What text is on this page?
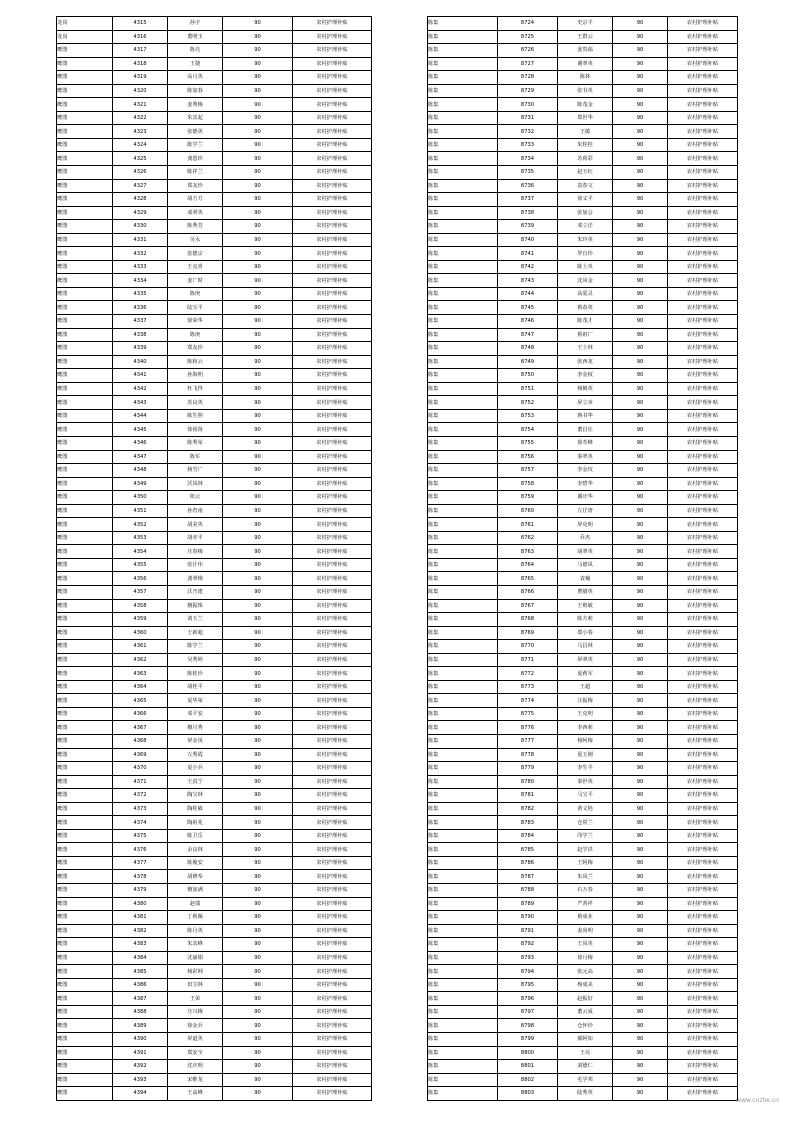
龙岗	4315	孙宇	90	农村护理补贴
龙岗	4316	董明玉	90	农村护理补贴
鹰图	4317	陈亮	90	农村护理补贴
鹰图	4318	王捷	90	农村护理补贴
鹰图	4319	高月英	90	农村护理补贴
鹰图	4320	陈加春	90	农村护理补贴
鹰图	4321	姜秀梅	90	农村护理补贴
鹰图	4322	朱其起	90	农村护理补贴
鹰图	4323	张德英	90	农村护理补贴
鹰图	4324	陈学兰	90	农村护理补贴
鹰图	4325	龚恩珍	90	农村护理补贴
鹰图	4326	陈祥兰	90	农村护理补贴
鹰图	4327	郑友珍	90	农村护理补贴
鹰图	4328	胡方方	90	农村护理补贴
鹰图	4329	成翠英	90	农村护理补贴
鹰图	4330	陈秀芳	90	农村护理补贴
鹰图	4331	吴永	90	农村护理补贴
鹰图	4332	张德宗	90	农村护理补贴
鹰图	4333	王克喜	90	农村护理补贴
鹰图	4334	姜广时	90	农村护理补贴
鹰图	4335	陈庚	90	农村护理补贴
鹰图	4336	陆宝平	90	农村护理补贴
鹰图	4337	徐荣华	90	农村护理补贴
鹰图	4338	陈庚	90	农村护理补贴
鹰图	4339	郑友珍	90	农村护理补贴
鹰图	4340	陈和云	90	农村护理补贴
鹰图	4341	孙海明	90	农村护理补贴
鹰图	4342	杜飞得	90	农村护理补贴
鹰图	4343	苏良英	90	农村护理补贴
鹰图	4344	陈生照	90	农村护理补贴
鹰图	4345	徐裕贤	90	农村护理补贴
鹰图	4346	陈秀荣	90	农村护理补贴
鹰图	4347	陈军	90	农村护理补贴
鹰图	4348	杨雪广	90	农村护理补贴
鹰图	4349	沃凤林	90	农村护理补贴
鹰图	4350	钮云	90	农村护理补贴
鹰图	4351	孙育南	90	农村护理补贴
鹰图	4352	胡美英	90	农村护理补贴
鹰图	4353	胡亦平	90	农村护理补贴
鹰图	4354	庄春梅	90	农村护理补贴
鹰图	4355	张计伟	90	农村护理补贴
鹰图	4356	龚翠梅	90	农村护理补贴
鹰图	4357	沃乃建	90	农村护理补贴
鹰图	4358	檀振珠	90	农村护理补贴
鹰图	4359	刘玉兰	90	农村护理补贴
鹰图	4360	王新超	90	农村护理补贴
鹰图	4361	陈学兰	90	农村护理补贴
鹰图	4362	吴秀婷	90	农村护理补贴
鹰图	4363	陈桂珍	90	农村护理补贴
鹰图	4364	胡桂平	90	农村护理补贴
鹰图	4365	夏华荣	90	农村护理补贴
鹰图	4366	邓平安	90	农村护理补贴
鹰图	4367	檀月秀	90	农村护理补贴
鹰图	4368	屏金凤	90	农村护理补贴
鹰图	4369	左秀霞	90	农村护理补贴
鹰图	4370	夏小兵	90	农村护理补贴
鹰图	4371	王真宁	90	农村护理补贴
鹰图	4372	陶宝林	90	农村护理补贴
鹰图	4373	陶桂敏	90	农村护理补贴
鹰图	4374	陶祖兆	90	农村护理补贴
鹰图	4375	陈卫岳	90	农村护理补贴
鹰图	4376	余良林	90	农村护理补贴
鹰图	4377	陈俊安	90	农村护理补贴
鹰图	4378	胡修奉	90	农村护理补贴
鹰图	4379	檀加满	90	农村护理补贴
鹰图	4380	赵瑞	90	农村护理补贴
鹰图	4381	丁莉佩	90	农村护理补贴
鹰图	4382	陈月英	90	农村护理补贴
鹰图	4383	朱其峰	90	农村护理补贴
鹰图	4384	沈丽娟	90	农村护理补贴
鹰图	4385	杨彩网	90	农村护理补贴
鹰图	4386	田宝林	90	农村护理补贴
鹰图	4387	王荣	90	农村护理补贴
鹰图	4388	庄兴梅	90	农村护理补贴
鹰图	4389	徐金兵	90	农村护理补贴
鹰图	4390	屏道英	90	农村护理补贴
鹰图	4391	郑安全	90	农村护理补贴
鹰图	4392	沈庆明	90	农村护理补贴
鹰图	4393	宋维龙	90	农村护理补贴
鹰图	4394	王高峰	90	农村护理补贴
陈集	8724	史宗平	90	农村护理补贴
陈集	8725	王群云	90	农村护理补贴
陈集	8726	姜贵福	90	农村护理补贴
陈集	8727	谢翠英	90	农村护理补贴
陈集	8728	陈林	90	农村护理补贴
陈集	8729	张书英	90	农村护理补贴
陈集	8730	陈茂金	90	农村护理补贴
陈集	8731	郑世华	90	农村护理补贴
陈集	8732	王敏	90	农村护理补贴
陈集	8733	朱桂桂	90	农村护理补贴
陈集	8734	苏荷彩	90	农村护理补贴
陈集	8735	赵玉红	90	农村护理补贴
陈集	8736	袁春文	90	农村护理补贴
陈集	8737	徐义平	90	农村护理补贴
陈集	8738	张加会	90	农村护理补贴
陈集	8739	邓立洋	90	农村护理补贴
陈集	8740	朱玲英	90	农村护理补贴
陈集	8741	罗自珍	90	农村护理补贴
陈集	8742	陈士英	90	农村护理补贴
陈集	8743	沈凤金	90	农村护理补贴
陈集	8744	高爱灵	90	农村护理补贴
陈集	8745	蔡春英	90	农村护理补贴
陈集	8746	陈茂才	90	农村护理补贴
陈集	8747	蔡祖广	90	农村护理补贴
陈集	8748	王士林	90	农村护理补贴
陈集	8749	张西龙	90	农村护理补贴
陈集	8750	李金权	90	农村护理补贴
陈集	8751	杨鹤英	90	农村护理补贴
陈集	8752	屏立章	90	农村护理补贴
陈集	8753	蒋书华	90	农村护理补贴
陈集	8754	董昌壮	90	农村护理补贴
陈集	8755	徐寿峰	90	农村护理补贴
陈集	8756	秦翠英	90	农村护理补贴
陈集	8757	李金玫	90	农村护理补贴
陈集	8758	李碧华	90	农村护理补贴
陈集	8759	谢庆华	90	农村护理补贴
陈集	8760	左仔唐	90	农村护理补贴
陈集	8761	屏克明	90	农村护理补贴
陈集	8762	乔杰	90	农村护理补贴
陈集	8763	胡翠英	90	农村护理补贴
陈集	8764	马德凤	90	农村护理补贴
陈集	8765	袁楠	90	农村护理补贴
陈集	8766	曹腊英	90	农村护理补贴
陈集	8767	王则敏	90	农村护理补贴
陈集	8768	陈方莉	90	农村护理补贴
陈集	8769	郑小春	90	农村护理补贴
陈集	8770	马昌林	90	农村护理补贴
陈集	8771	屏翠英	90	农村护理补贴
陈集	8772	夏莉军	90	农村护理补贴
陈集	8773	王超	90	农村护理补贴
陈集	8774	汪振梅	90	农村护理补贴
陈集	8775	王克明	90	农村护理补贴
陈集	8776	李西莉	90	农村护理补贴
陈集	8777	杨阿梅	90	农村护理补贴
陈集	8778	夏玉刚	90	农村护理补贴
陈集	8779	李生平	90	农村护理补贴
陈集	8780	秦世英	90	农村护理补贴
陈集	8781	马宝平	90	农村护理补贴
陈集	8782	黄文艳	90	农村护理补贴
陈集	8783	仓常兰	90	农村护理补贴
陈集	8784	印学兰	90	农村护理补贴
陈集	8785	赵学洪	90	农村护理补贴
陈集	8786	王阿梅	90	农村护理补贴
陈集	8787	朱凤兰	90	农村护理补贴
陈集	8788	石万春	90	农村护理补贴
陈集	8789	严善祥	90	农村护理补贴
陈集	8790	蔡成业	90	农村护理补贴
陈集	8791	姜尚明	90	农村护理补贴
陈集	8792	王凤英	90	农村护理补贴
陈集	8793	徐月梅	90	农村护理补贴
陈集	8794	张元高	90	农村护理补贴
陈集	8795	杨成美	90	农村护理补贴
陈集	8796	赵振好	90	农村护理补贴
陈集	8797	董云成	90	农村护理补贴
陈集	8798	仓怀珍	90	农村护理补贴
陈集	8799	郝阿如	90	农村护理补贴
陈集	8800	王亮	90	农村护理补贴
陈集	8801	刘德仁	90	农村护理补贴
陈集	8802	毛学邦	90	农村护理补贴
陈集	8803	陆秀英	90	农村护理补贴
www.cnzhe.cn
